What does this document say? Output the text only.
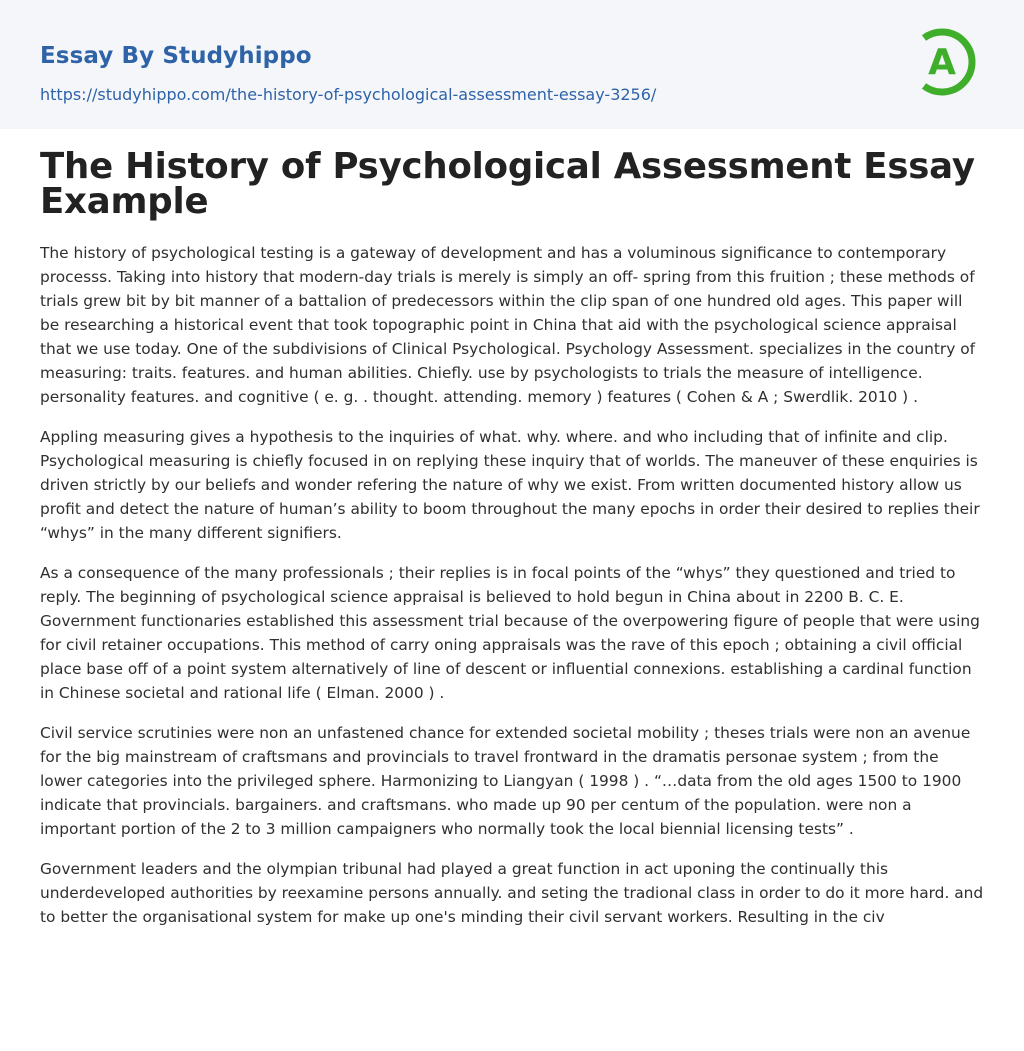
Essay By Studyhippo
https://studyhippo.com/the-history-of-psychological-assessment-essay-3256/
A
The History of Psychological Assessment Essay Example

The history of psychological testing is a gateway of development and has a voluminous significance to contemporary processs. Taking into history that modern-day trials is merely is simply an off- spring from this fruition ; these methods of trials grew bit by bit manner of a battalion of predecessors within the clip span of one hundred old ages. This paper will be researching a historical event that took topographic point in China that aid with the psychological science appraisal that we use today. One of the subdivisions of Clinical Psychological. Psychology Assessment. specializes in the country of measuring: traits. features. and human abilities. Chiefly. use by psychologists to trials the measure of intelligence. personality features. and cognitive ( e. g. . thought. attending. memory ) features ( Cohen & A ; Swerdlik. 2010 ) .

Appling measuring gives a hypothesis to the inquiries of what. why. where. and who including that of infinite and clip. Psychological measuring is chiefly focused in on replying these inquiry that of worlds. The maneuver of these enquiries is driven strictly by our beliefs and wonder refering the nature of why we exist. From written documented history allow us profit and detect the nature of human’s ability to boom throughout the many epochs in order their desired to replies their “whys” in the many different signifiers.

As a consequence of the many professionals ; their replies is in focal points of the “whys” they questioned and tried to reply. The beginning of psychological science appraisal is believed to hold begun in China about in 2200 B. C. E. Government functionaries established this assessment trial because of the overpowering figure of people that were using for civil retainer occupations. This method of carry oning appraisals was the rave of this epoch ; obtaining a civil official place base off of a point system alternatively of line of descent or influential connexions. establishing a cardinal function in Chinese societal and rational life ( Elman. 2000 ) .

Civil service scrutinies were non an unfastened chance for extended societal mobility ; theses trials were non an avenue for the big mainstream of craftsmans and provincials to travel frontward in the dramatis personae system ; from the lower categories into the privileged sphere. Harmonizing to Liangyan ( 1998 ) . “…data from the old ages 1500 to 1900 indicate that provincials. bargainers. and craftsmans. who made up 90 per centum of the population. were non a important portion of the 2 to 3 million campaigners who normally took the local biennial licensing tests” .

Government leaders and the olympian tribunal had played a great function in act uponing the continually this underdeveloped authorities by reexamine persons annually. and seting the tradional class in order to do it more hard. and to better the organisational system for make up one's minding their civil servant workers. Resulting in the civ
